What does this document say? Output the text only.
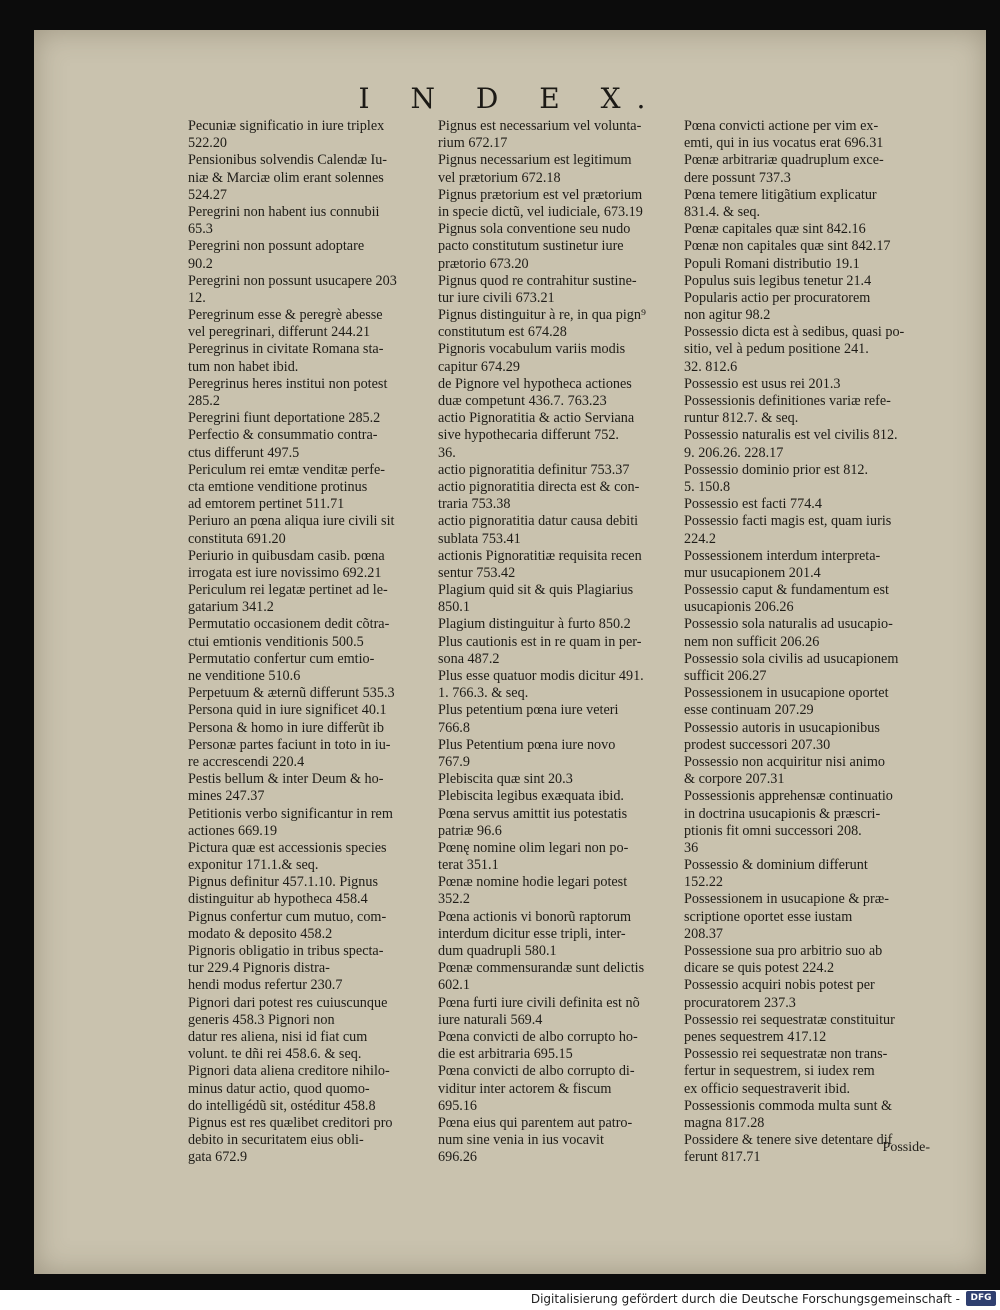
I N D E X.
Pecuniæ significatio in iure triplex
522.20
Pensionibus solvendis Calendæ Iu-
niæ & Marciæ olim erant solennes
524.27
Peregrini non habent ius connubii
65.3
Peregrini non possunt adoptare
90.2
Peregrini non possunt usucapere 203
12.
Peregrinum esse & peregrè abesse
vel peregrinari, differunt 244.21
Peregrinus in civitate Romana sta-
tum non habet ibid.
Peregrinus heres institui non potest
285.2
Peregrini fiunt deportatione 285.2
Perfectio & consummatio contra-
ctus differunt 497.5
Periculum rei emtæ venditæ perfe-
cta emtione venditione protinus
ad emtorem pertinet 511.71
Periuro an pœna aliqua iure civili sit
constituta 691.20
Periurio in quibusdam casib. pœna
irrogata est iure novissimo 692.21
Periculum rei legatæ pertinet ad le-
gatarium 341.2
Permutatio occasionem dedit cõtra-
ctui emtionis venditionis 500.5
Permutatio confertur cum emtio-
ne venditione 510.6
Perpetuum & æternũ differunt 535.3
Persona quid in iure significet 40.1
Persona & homo in iure differũt ib
Personæ partes faciunt in toto in iu-
re accrescendi 220.4
Pestis bellum & inter Deum & ho-
mines 247.37
Petitionis verbo significantur in rem
actiones 669.19
Pictura quæ est accessionis species
exponitur 171.1.& seq.
Pignus definitur 457.1.10. Pignus
distinguitur ab hypotheca 458.4
Pignus confertur cum mutuo, com-
modato & deposito 458.2
Pignoris obligatio in tribus specta-
tur 229.4 Pignoris distra-
hendi modus refertur 230.7
Pignori dari potest res cuiuscunque
generis 458.3 Pignori non
datur res aliena, nisi id fiat cum
volunt. te dñi rei 458.6. & seq.
Pignori data aliena creditore nihilo-
minus datur actio, quod quomo-
do intelligédũ sit, ostéditur 458.8
Pignus est res quælibet creditori pro
debito in securitatem eius obli-
gata 672.9
Pignus est necessarium vel volunta-
rium 672.17
Pignus necessarium est legitimum
vel prætorium 672.18
Pignus prætorium est vel prætorium
in specie dictũ, vel iudiciale, 673.19
Pignus sola conventione seu nudo
pacto constitutum sustinetur iure
prætorio 673.20
Pignus quod re contrahitur sustine-
tur iure civili 673.21
Pignus distinguitur à re, in qua pign⁹
constitutum est 674.28
Pignoris vocabulum variis modis
capitur 674.29
de Pignore vel hypotheca actiones
duæ competunt 436.7. 763.23
actio Pignoratitia & actio Serviana
sive hypothecaria differunt 752.
36.
actio pignoratitia definitur 753.37
actio pignoratitia directa est & con-
traria 753.38
actio pignoratitia datur causa debiti
sublata 753.41
actionis Pignoratitiæ requisita recen
sentur 753.42
Plagium quid sit & quis Plagiarius
850.1
Plagium distinguitur à furto 850.2
Plus cautionis est in re quam in per-
sona 487.2
Plus esse quatuor modis dicitur 491.
1. 766.3. & seq.
Plus petentium pœna iure veteri
766.8
Plus Petentium pœna iure novo
767.9
Plebiscita quæ sint 20.3
Plebiscita legibus exæquata ibid.
Pœna servus amittit ius potestatis
patriæ 96.6
Pœnę nomine olim legari non po-
terat 351.1
Pœnæ nomine hodie legari potest
352.2
Pœna actionis vi bonorũ raptorum
interdum dicitur esse tripli, inter-
dum quadrupli 580.1
Pœnæ commensurandæ sunt delictis
602.1
Pœna furti iure civili definita est nõ
iure naturali 569.4
Pœna convicti de albo corrupto ho-
die est arbitraria 695.15
Pœna convicti de albo corrupto di-
viditur inter actorem & fiscum
695.16
Pœna eius qui parentem aut patro-
num sine venia in ius vocavit
696.26
Pœna convicti actione per vim ex-
emti, qui in ius vocatus erat 696.31
Pœnæ arbitrariæ quadruplum exce-
dere possunt 737.3
Pœna temere litigãtium explicatur
831.4. & seq.
Pœnæ capitales quæ sint 842.16
Pœnæ non capitales quæ sint 842.17
Populi Romani distributio 19.1
Populus suis legibus tenetur 21.4
Popularis actio per procuratorem
non agitur 98.2
Possessio dicta est à sedibus, quasi po-
sitio, vel à pedum positione 241.
32. 812.6
Possessio est usus rei 201.3
Possessionis definitiones variæ refe-
runtur 812.7. & seq.
Possessio naturalis est vel civilis 812.
9. 206.26. 228.17
Possessio dominio prior est 812.
5. 150.8
Possessio est facti 774.4
Possessio facti magis est, quam iuris
224.2
Possessionem interdum interpreta-
mur usucapionem 201.4
Possessio caput & fundamentum est
usucapionis 206.26
Possessio sola naturalis ad usucapio-
nem non sufficit 206.26
Possessio sola civilis ad usucapionem
sufficit 206.27
Possessionem in usucapione oportet
esse continuam 207.29
Possessio autoris in usucapionibus
prodest successori 207.30
Possessio non acquiritur nisi animo
& corpore 207.31
Possessionis apprehensæ continuatio
in doctrina usucapionis & præscri-
ptionis fit omni successori 208.
36
Possessio & dominium differunt
152.22
Possessionem in usucapione & præ-
scriptione oportet esse iustam
208.37
Possessione sua pro arbitrio suo ab
dicare se quis potest 224.2
Possessio acquiri nobis potest per
procuratorem 237.3
Possessio rei sequestratæ constituitur
penes sequestrem 417.12
Possessio rei sequestratæ non trans-
fertur in sequestrem, si iudex rem
ex officio sequestraverit ibid.
Possessionis commoda multa sunt &
magna 817.28
Possidere & tenere sive detentare dif
ferunt 817.71
Posside-
Digitalisierung gefördert durch die Deutsche Forschungsgemeinschaft -	DFG
